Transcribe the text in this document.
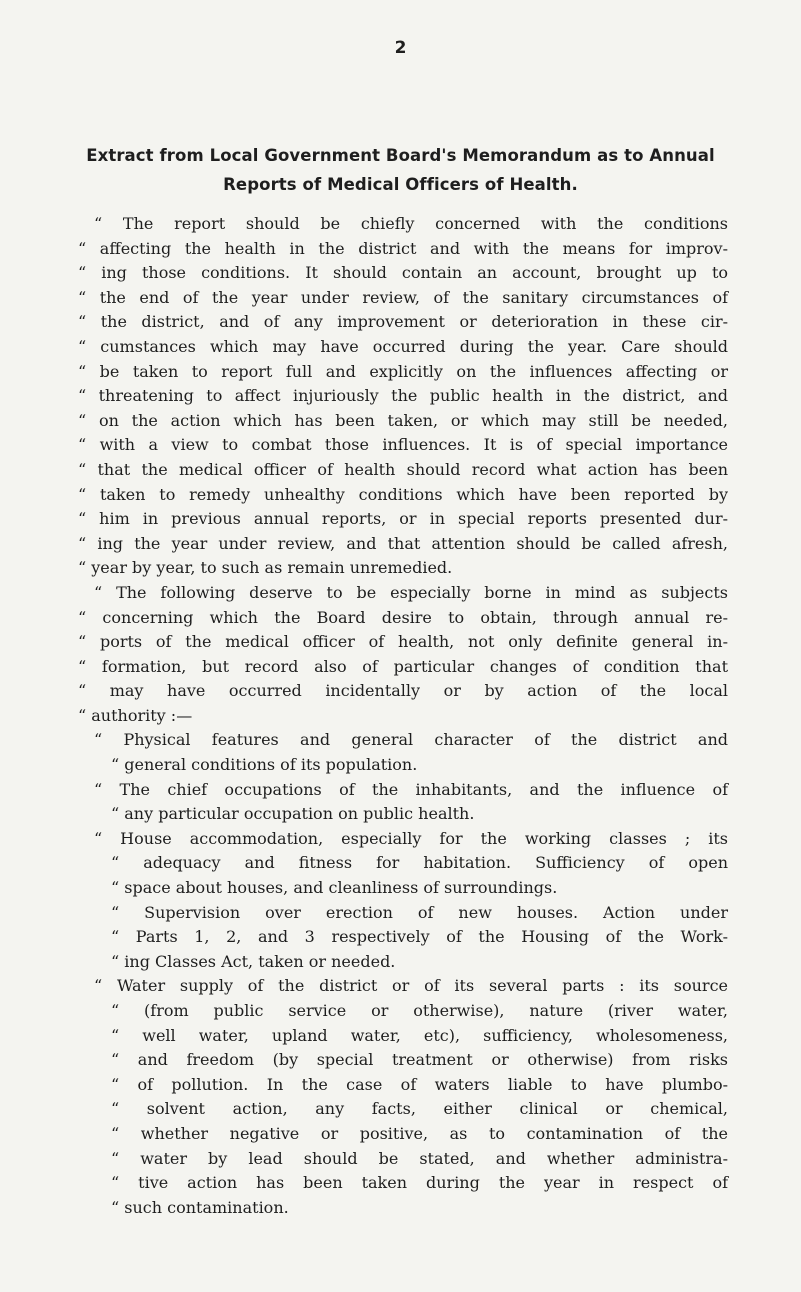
2
Extract from Local Government Board's Memorandum as to Annual
Reports of Medical Officers of Health.
“ The report should be chiefly concerned with the conditions
“ affecting the health in the district and with the means for improv-
“ ing those conditions. It should contain an account, brought up to
“ the end of the year under review, of the sanitary circumstances of
“ the district, and of any improvement or deterioration in these cir-
“ cumstances which may have occurred during the year. Care should
“ be taken to report full and explicitly on the influences affecting or
“ threatening to affect injuriously the public health in the district, and
“ on the action which has been taken, or which may still be needed,
“ with a view to combat those influences. It is of special importance
“ that the medical officer of health should record what action has been
“ taken to remedy unhealthy conditions which have been reported by
“ him in previous annual reports, or in special reports presented dur-
“ ing the year under review, and that attention should be called afresh,
“ year by year, to such as remain unremedied.
“ The following deserve to be especially borne in mind as subjects
“ concerning which the Board desire to obtain, through annual re-
“ ports of the medical officer of health, not only definite general in-
“ formation, but record also of particular changes of condition that
“ may have occurred incidentally or by action of the local
“ authority :—
“ Physical features and general character of the district and
“ general conditions of its population.
“ The chief occupations of the inhabitants, and the influence of
“ any particular occupation on public health.
“ House accommodation, especially for the working classes ; its
“ adequacy and fitness for habitation. Sufficiency of open
“ space about houses, and cleanliness of surroundings.
“ Supervision over erection of new houses. Action under
“ Parts 1, 2, and 3 respectively of the Housing of the Work-
“ ing Classes Act, taken or needed.
“ Water supply of the district or of its several parts : its source
“ (from public service or otherwise), nature (river water,
“ well water, upland water, etc), sufficiency, wholesomeness,
“ and freedom (by special treatment or otherwise) from risks
“ of pollution. In the case of waters liable to have plumbo-
“ solvent action, any facts, either clinical or chemical,
“ whether negative or positive, as to contamination of the
“ water by lead should be stated, and whether administra-
“ tive action has been taken during the year in respect of
“ such contamination.
